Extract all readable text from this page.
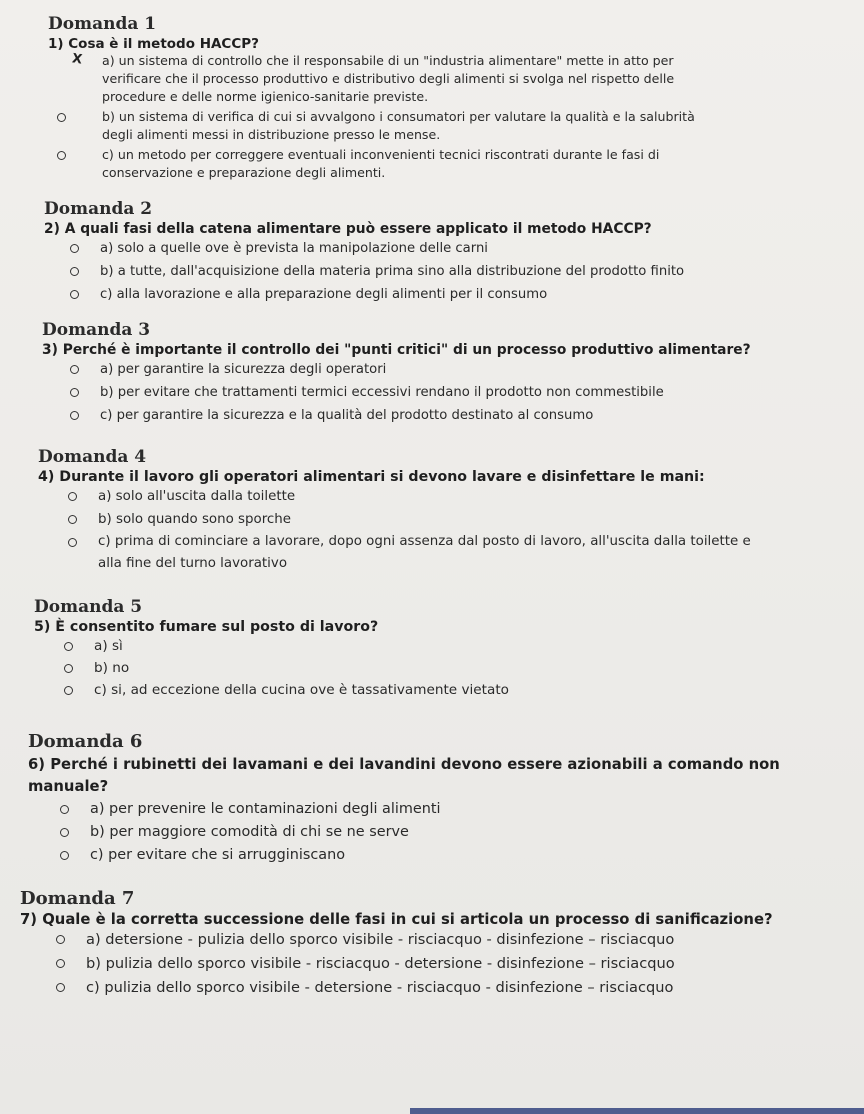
Domanda 1
1) Cosa è il metodo HACCP?
X a) un sistema di controllo che il responsabile di un "industria alimentare" mette in atto per
verificare che il processo produttivo e distributivo degli alimenti si svolga nel rispetto delle
procedure e delle norme igienico-sanitarie previste.
b) un sistema di verifica di cui si avvalgono i consumatori per valutare la qualità e la salubrità
degli alimenti messi in distribuzione presso le mense.
c) un metodo per correggere eventuali inconvenienti tecnici riscontrati durante le fasi di
conservazione e preparazione degli alimenti.
Domanda 2
2) A quali fasi della catena alimentare può essere applicato il metodo HACCP?
a) solo a quelle ove è prevista la manipolazione delle carni
b) a tutte, dall'acquisizione della materia prima sino alla distribuzione del prodotto finito
c) alla lavorazione e alla preparazione degli alimenti per il consumo
Domanda 3
3) Perché è importante il controllo dei "punti critici" di un processo produttivo alimentare?
a) per garantire la sicurezza degli operatori
b) per evitare che trattamenti termici eccessivi rendano il prodotto non commestibile
c) per garantire la sicurezza e la qualità del prodotto destinato al consumo
Domanda 4
4) Durante il lavoro gli operatori alimentari si devono lavare e disinfettare le mani:
a) solo all'uscita dalla toilette
b) solo quando sono sporche
c) prima di cominciare a lavorare, dopo ogni assenza dal posto di lavoro, all'uscita dalla toilette e
alla fine del turno lavorativo
Domanda 5
5) È consentito fumare sul posto di lavoro?
a) sì
b) no
c) si, ad eccezione della cucina ove è tassativamente vietato
Domanda 6
6) Perché i rubinetti dei lavamani e dei lavandini devono essere azionabili a comando non
manuale?
a) per prevenire le contaminazioni degli alimenti
b) per maggiore comodità di chi se ne serve
c) per evitare che si arrugginiscano
Domanda 7
7) Quale è la corretta successione delle fasi in cui si articola un processo di sanificazione?
a) detersione - pulizia dello sporco visibile - risciacquo - disinfezione – risciacquo
b) pulizia dello sporco visibile - risciacquo - detersione - disinfezione – risciacquo
c) pulizia dello sporco visibile - detersione - risciacquo - disinfezione – risciacquo
